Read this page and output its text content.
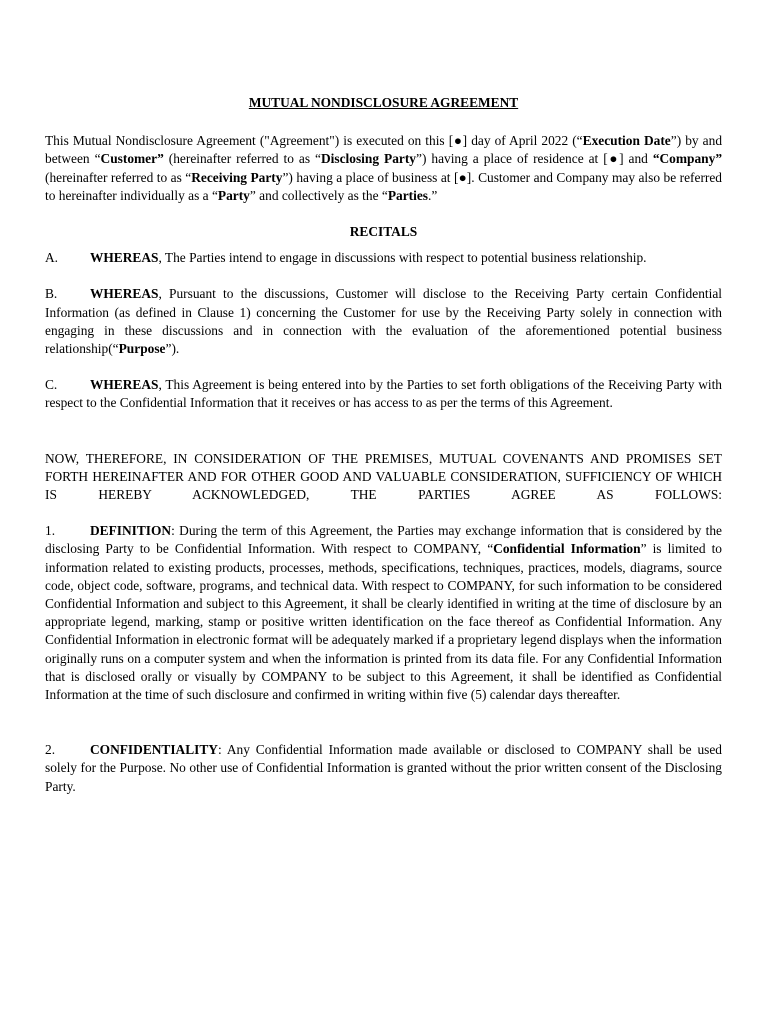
MUTUAL NONDISCLOSURE AGREEMENT

This Mutual Nondisclosure Agreement ("Agreement") is executed on this [●] day of April 2022 (“Execution Date”) by and between “Customer” (hereinafter referred to as “Disclosing Party”) having a place of residence at [●] and “Company” (hereinafter referred to as “Receiving Party”) having a place of business at [●]. Customer and Company may also be referred to hereinafter individually as a “Party” and collectively as the “Parties.”

RECITALS

A. WHEREAS, The Parties intend to engage in discussions with respect to potential business relationship.

B. WHEREAS, Pursuant to the discussions, Customer will disclose to the Receiving Party certain Confidential Information (as defined in Clause 1) concerning the Customer for use by the Receiving Party solely in connection with engaging in these discussions and in connection with the evaluation of the aforementioned potential business relationship(“Purpose”).

C. WHEREAS, This Agreement is being entered into by the Parties to set forth obligations of the Receiving Party with respect to the Confidential Information that it receives or has access to as per the terms of this Agreement.

NOW, THEREFORE, IN CONSIDERATION OF THE PREMISES, MUTUAL COVENANTS AND PROMISES SET FORTH HEREINAFTER AND FOR OTHER GOOD AND VALUABLE CONSIDERATION, SUFFICIENCY OF WHICH IS HEREBY ACKNOWLEDGED, THE PARTIES AGREE AS FOLLOWS:

1.	DEFINITION: During the term of this Agreement, the Parties may exchange information that is considered by the disclosing Party to be Confidential Information. With respect to COMPANY, “Confidential Information” is limited to information related to existing products, processes, methods, specifications, techniques, practices, models, diagrams, source code, object code, software, programs, and technical data. With respect to COMPANY, for such information to be considered Confidential Information and subject to this Agreement, it shall be clearly identified in writing at the time of disclosure by an appropriate legend, marking, stamp or positive written identification on the face thereof as Confidential Information. Any Confidential Information in electronic format will be adequately marked if a proprietary legend displays when the information originally runs on a computer system and when the information is printed from its data file. For any Confidential Information that is disclosed orally or visually by COMPANY to be subject to this Agreement, it shall be identified as Confidential Information at the time of such disclosure and confirmed in writing within five (5) calendar days thereafter.

2.	CONFIDENTIALITY: Any Confidential Information made available or disclosed to COMPANY shall be used solely for the Purpose. No other use of Confidential Information is granted without the prior written consent of the Disclosing Party.
